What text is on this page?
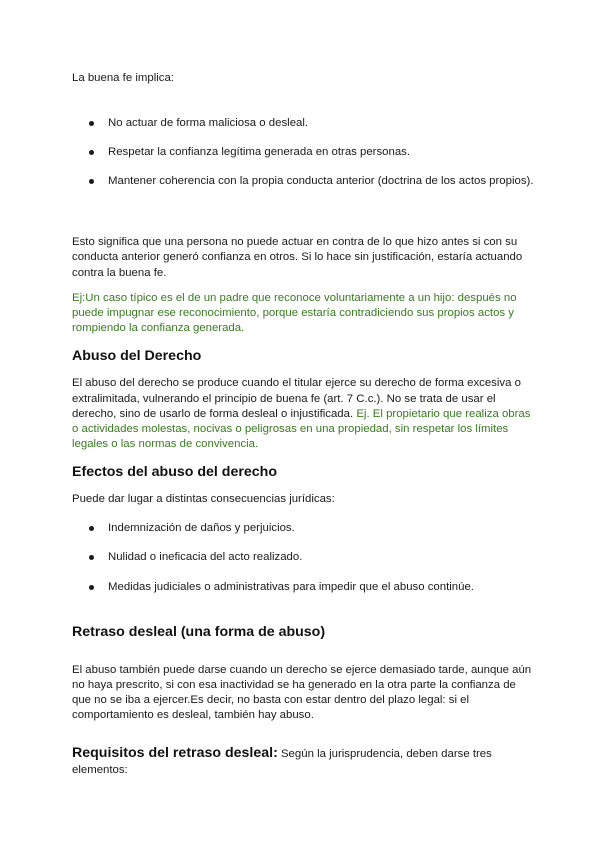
La buena fe implica:

No actuar de forma maliciosa o desleal.
Respetar la confianza legítima generada en otras personas.
Mantener coherencia con la propia conducta anterior (doctrina de los actos propios).

Esto significa que una persona no puede actuar en contra de lo que hizo antes si con su conducta anterior generó confianza en otros. Si lo hace sin justificación, estaría actuando contra la buena fe.

Ej:Un caso típico es el de un padre que reconoce voluntariamente a un hijo: después no puede impugnar ese reconocimiento, porque estaría contradiciendo sus propios actos y rompiendo la confianza generada.

Abuso del Derecho

El abuso del derecho se produce cuando el titular ejerce su derecho de forma excesiva o extralimitada, vulnerando el principio de buena fe (art. 7 C.c.). No se trata de usar el derecho, sino de usarlo de forma desleal o injustificada. Ej. El propietario que realiza obras o actividades molestas, nocivas o peligrosas en una propiedad, sin respetar los límites legales o las normas de convivencia.

Efectos del abuso del derecho

Puede dar lugar a distintas consecuencias jurídicas:

Indemnización de daños y perjuicios.
Nulidad o ineficacia del acto realizado.
Medidas judiciales o administrativas para impedir que el abuso continúe.
Retraso desleal (una forma de abuso)

El abuso también puede darse cuando un derecho se ejerce demasiado tarde, aunque aún no haya prescrito, si con esa inactividad se ha generado en la otra parte la confianza de que no se iba a ejercer.Es decir, no basta con estar dentro del plazo legal: si el comportamiento es desleal, también hay abuso.

Requisitos del retraso desleal: Según la jurisprudencia, deben darse tres elementos:
